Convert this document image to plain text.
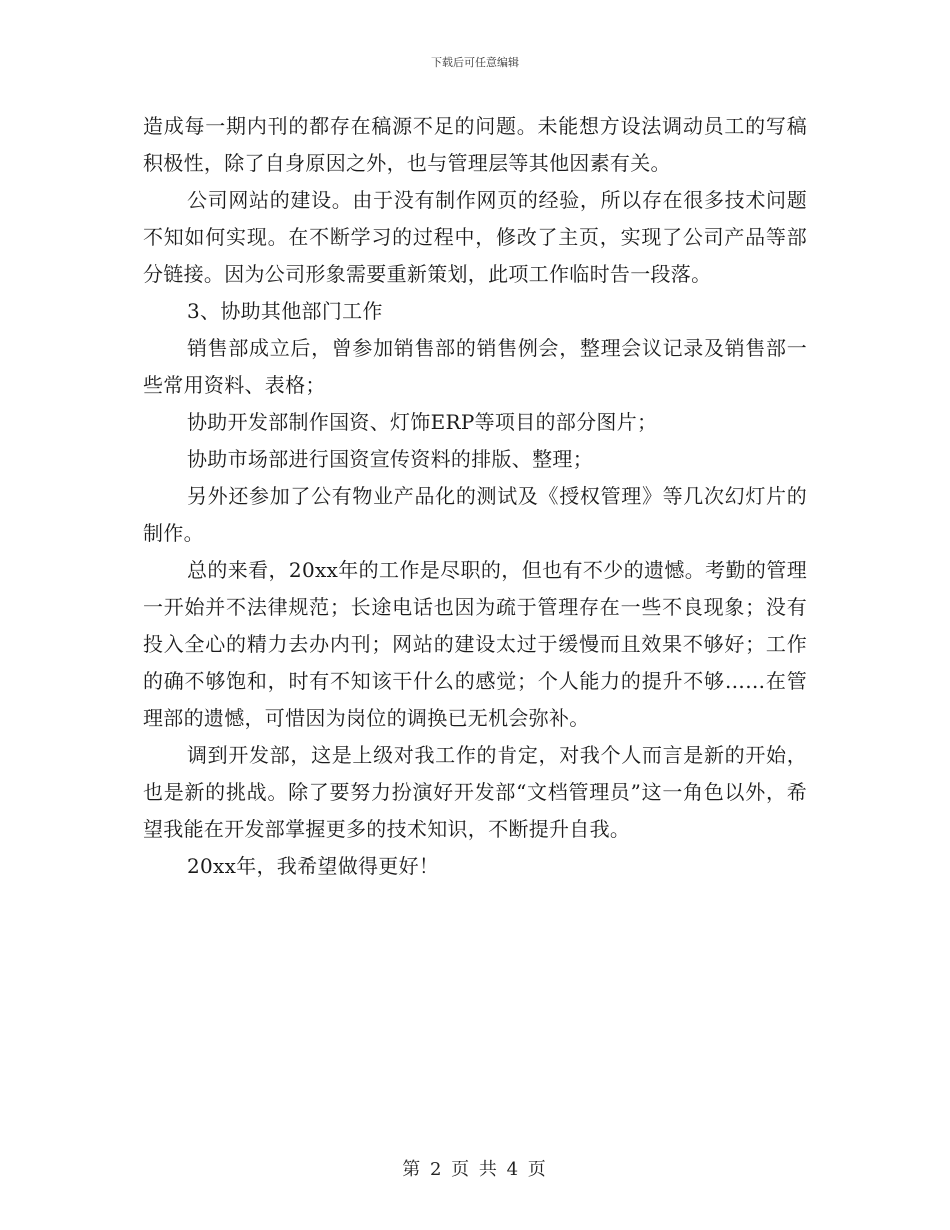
下载后可任意编辑

造成每一期内刊的都存在稿源不足的问题。未能想方设法调动员工的写稿积极性，除了自身原因之外，也与管理层等其他因素有关。

公司网站的建设。由于没有制作网页的经验，所以存在很多技术问题不知如何实现。在不断学习的过程中，修改了主页，实现了公司产品等部分链接。因为公司形象需要重新策划，此项工作临时告一段落。

3、协助其他部门工作

销售部成立后，曾参加销售部的销售例会，整理会议记录及销售部一些常用资料、表格；

协助开发部制作国资、灯饰ERP等项目的部分图片；

协助市场部进行国资宣传资料的排版、整理；

另外还参加了公有物业产品化的测试及《授权管理》等几次幻灯片的制作。

总的来看，20xx年的工作是尽职的，但也有不少的遗憾。考勤的管理一开始并不法律规范；长途电话也因为疏于管理存在一些不良现象；没有投入全心的精力去办内刊；网站的建设太过于缓慢而且效果不够好；工作的确不够饱和，时有不知该干什么的感觉；个人能力的提升不够……在管理部的遗憾，可惜因为岗位的调换已无机会弥补。

调到开发部，这是上级对我工作的肯定，对我个人而言是新的开始，也是新的挑战。除了要努力扮演好开发部“文档管理员”这一角色以外，希望我能在开发部掌握更多的技术知识，不断提升自我。

20xx年，我希望做得更好！

第 2 页 共 4 页
